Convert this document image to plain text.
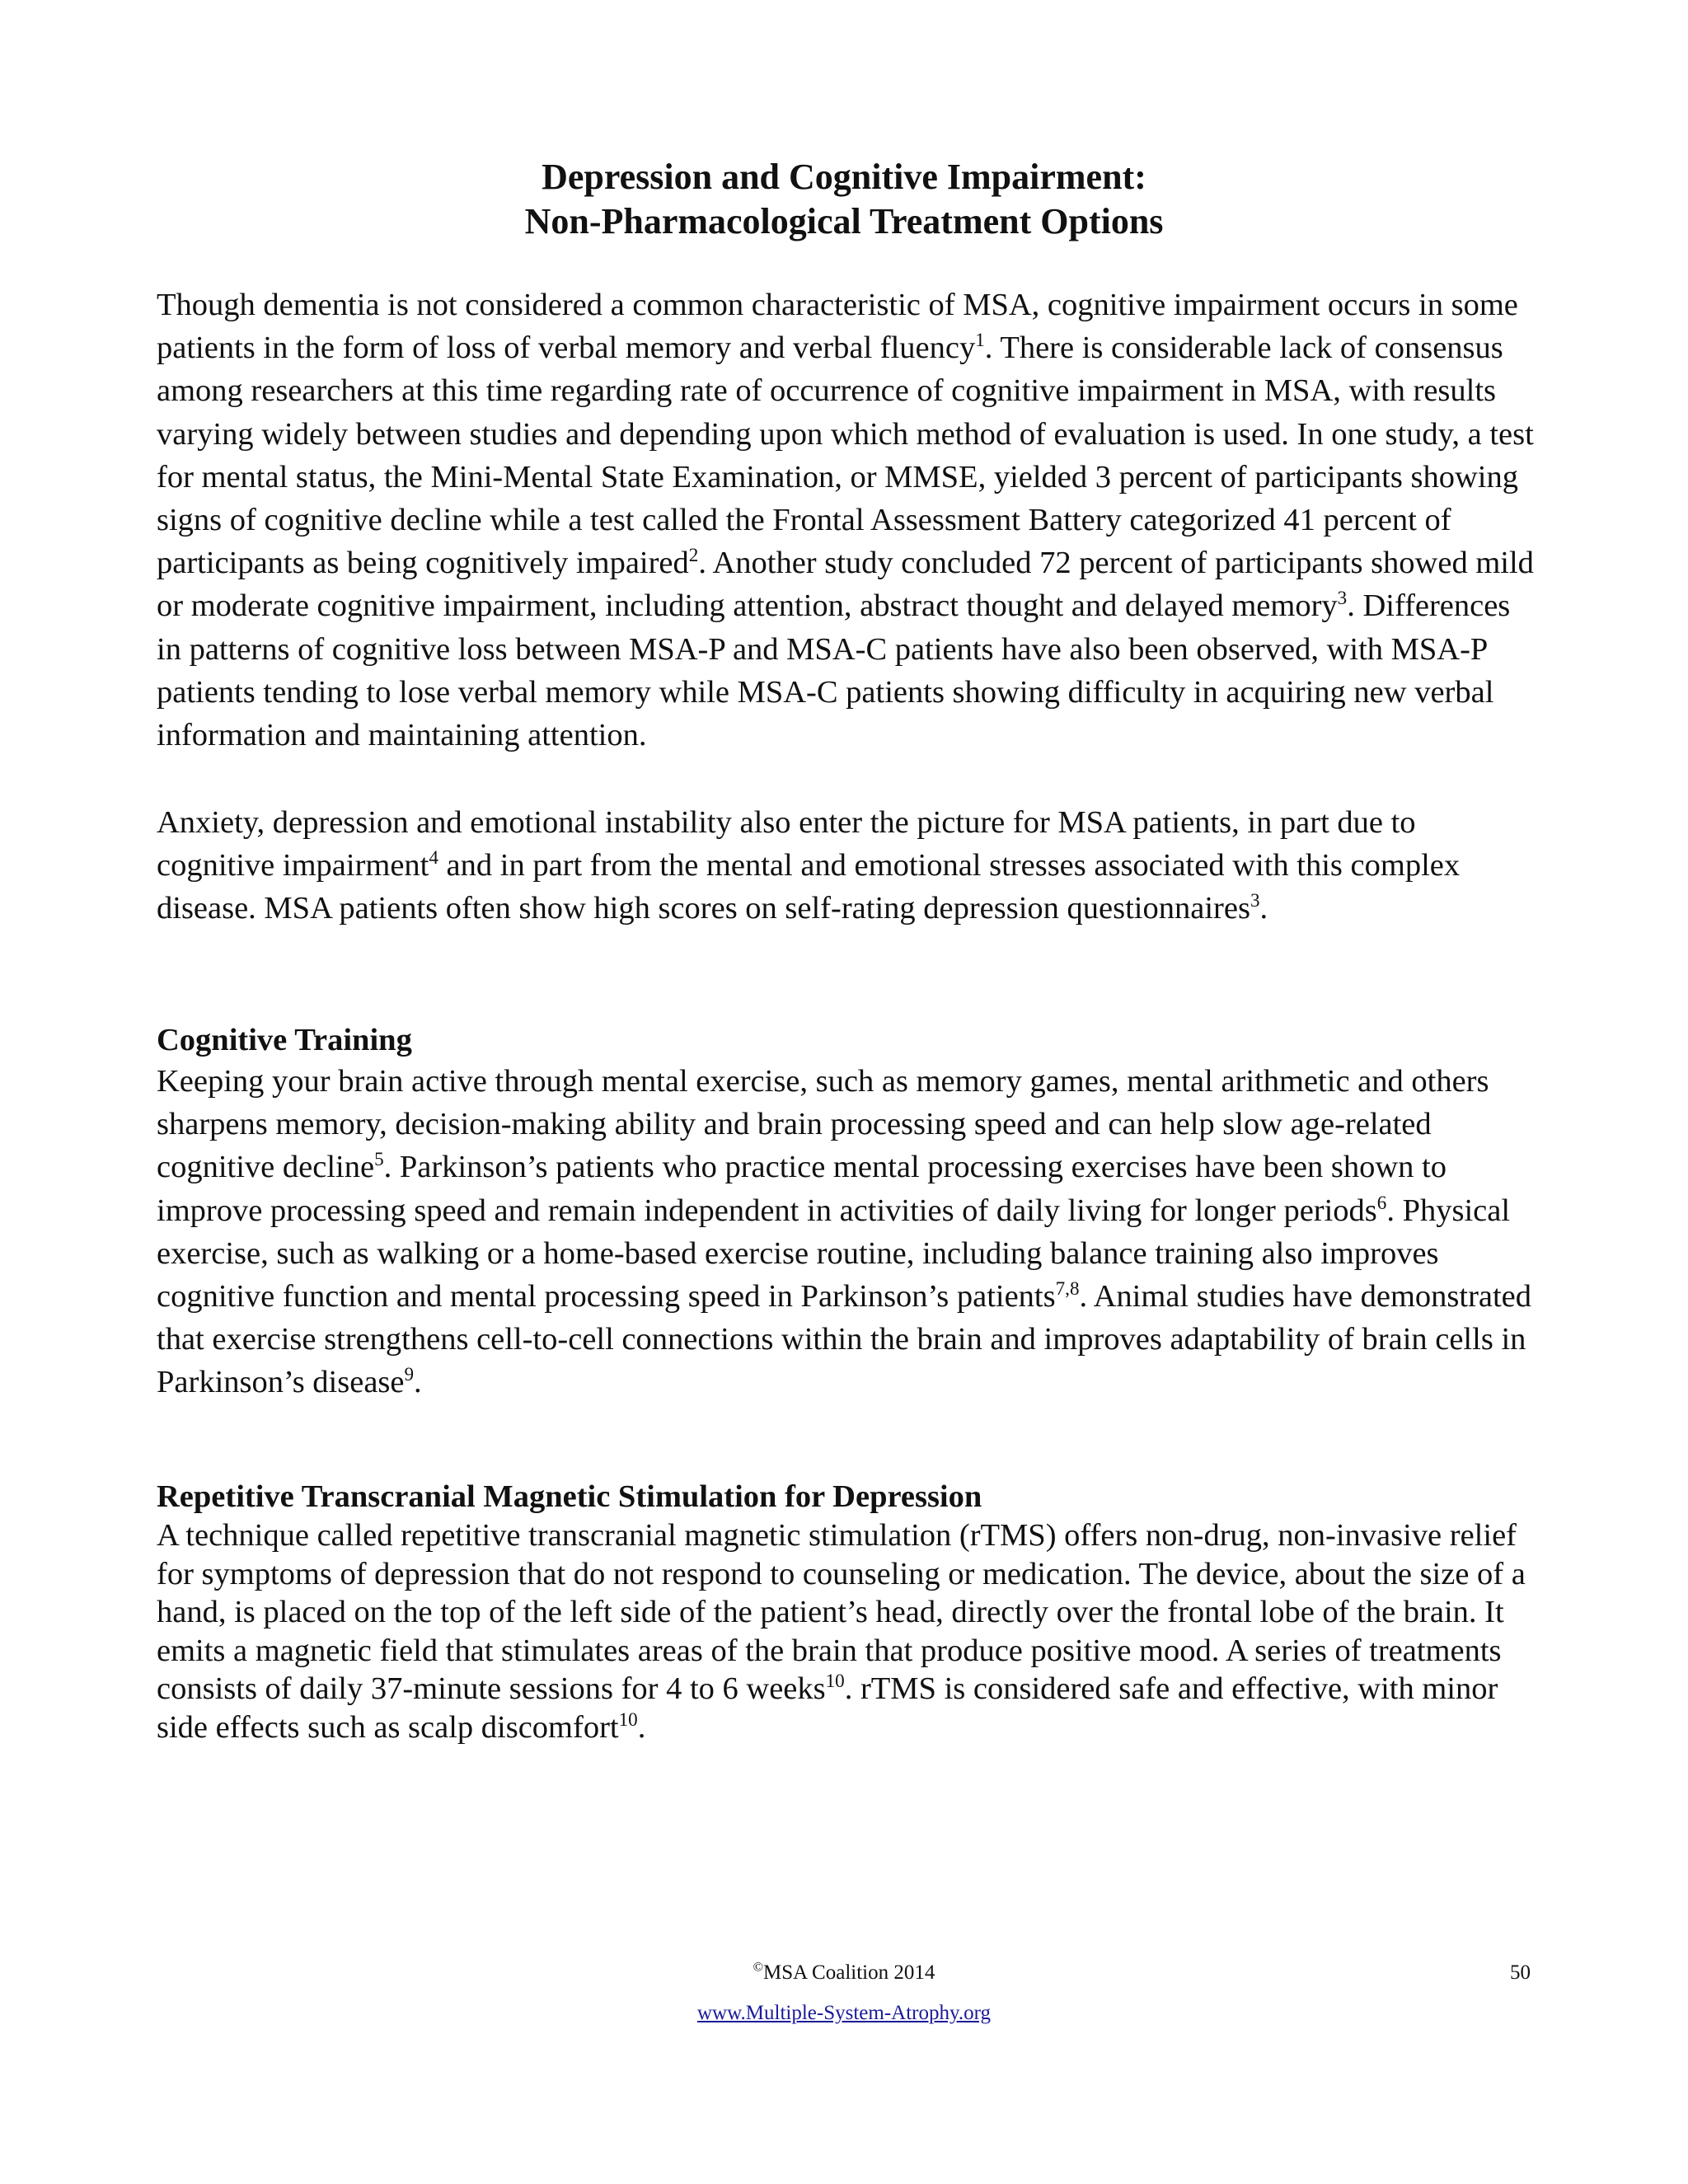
Depression and Cognitive Impairment:
Non-Pharmacological Treatment Options

Though dementia is not considered a common characteristic of MSA, cognitive impairment occurs in some patients in the form of loss of verbal memory and verbal fluency$^1$. There is considerable lack of consensus among researchers at this time regarding rate of occurrence of cognitive impairment in MSA, with results varying widely between studies and depending upon which method of evaluation is used. In one study, a test for mental status, the Mini-Mental State Examination, or MMSE, yielded 3 percent of participants showing signs of cognitive decline while a test called the Frontal Assessment Battery categorized 41 percent of participants as being cognitively impaired$^2$. Another study concluded 72 percent of participants showed mild or moderate cognitive impairment, including attention, abstract thought and delayed memory$^3$. Differences in patterns of cognitive loss between MSA-P and MSA-C patients have also been observed, with MSA-P patients tending to lose verbal memory while MSA-C patients showing difficulty in acquiring new verbal information and maintaining attention.

Anxiety, depression and emotional instability also enter the picture for MSA patients, in part due to cognitive impairment$^4$ and in part from the mental and emotional stresses associated with this complex disease. MSA patients often show high scores on self-rating depression questionnaires$^3$.

Cognitive Training

Keeping your brain active through mental exercise, such as memory games, mental arithmetic and others sharpens memory, decision-making ability and brain processing speed and can help slow age-related cognitive decline$^5$. Parkinson’s patients who practice mental processing exercises have been shown to improve processing speed and remain independent in activities of daily living for longer periods$^6$. Physical exercise, such as walking or a home-based exercise routine, including balance training also improves cognitive function and mental processing speed in Parkinson’s patients$^{7,8}$. Animal studies have demonstrated that exercise strengthens cell-to-cell connections within the brain and improves adaptability of brain cells in Parkinson’s disease$^9$.

Repetitive Transcranial Magnetic Stimulation for Depression

A technique called repetitive transcranial magnetic stimulation (rTMS) offers non-drug, non-invasive relief for symptoms of depression that do not respond to counseling or medication. The device, about the size of a hand, is placed on the top of the left side of the patient’s head, directly over the frontal lobe of the brain. It emits a magnetic field that stimulates areas of the brain that produce positive mood. A series of treatments consists of daily 37-minute sessions for 4 to 6 weeks$^{10}$. rTMS is considered safe and effective, with minor side effects such as scalp discomfort$^{10}$.

©MSA Coalition 2014	50
www.Multiple-System-Atrophy.org
